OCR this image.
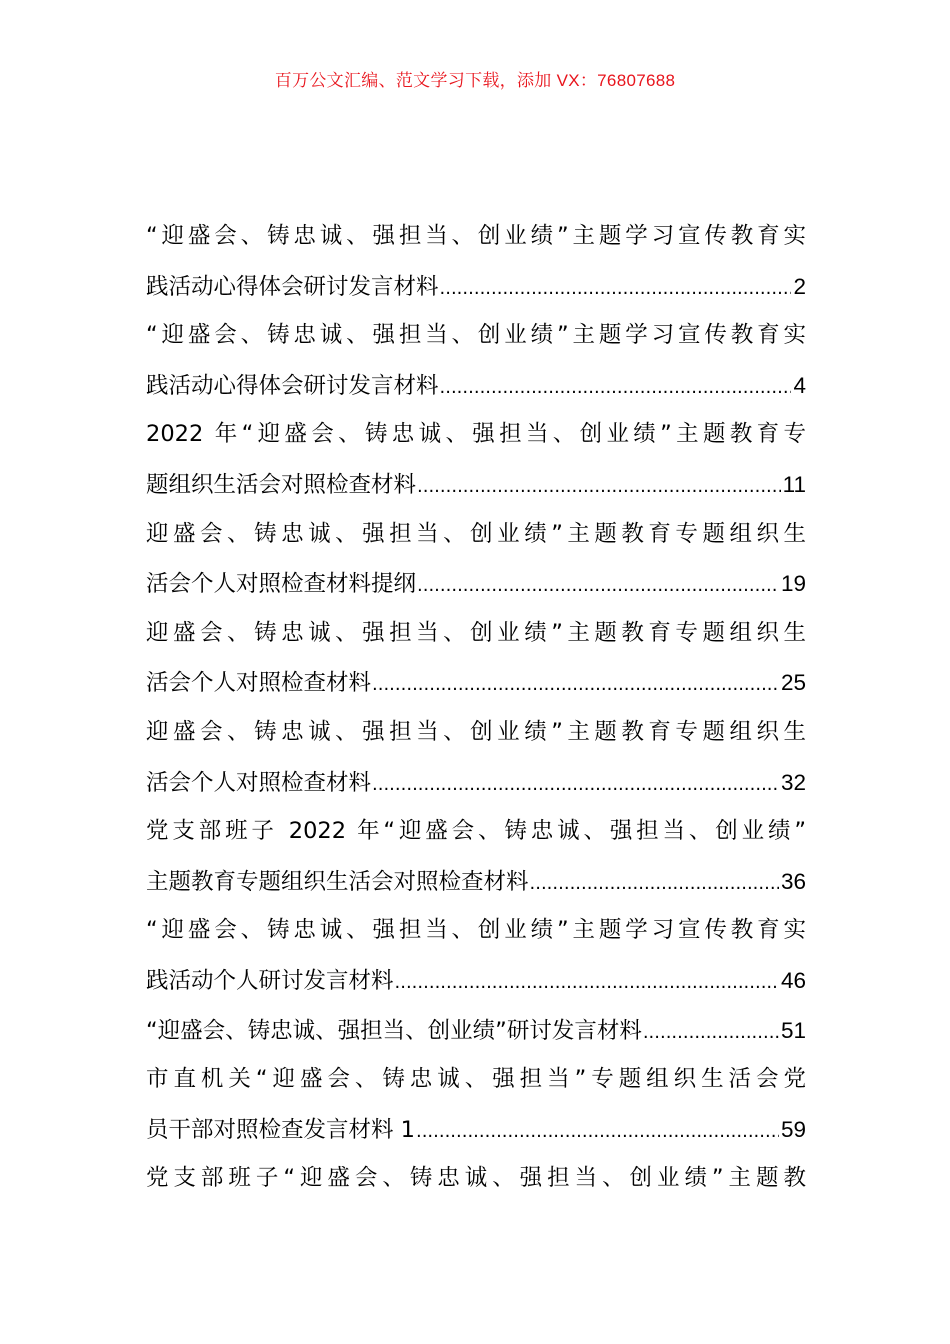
百万公文汇编、范文学习下载，添加 VX：76807688
“迎盛会、铸忠诚、强担当、创业绩”主题学习宣传教育实
践活动心得体会研讨发言材料 .....	2
“迎盛会、铸忠诚、强担当、创业绩”主题学习宣传教育实
践活动心得体会研讨发言材料 .....	4
2022 年“迎盛会、铸忠诚、强担当、创业绩”主题教育专
题组织生活会对照检查材料 .....	11
迎盛会、铸忠诚、强担当、创业绩”主题教育专题组织生
活会个人对照检查材料提纲 .....	19
迎盛会、铸忠诚、强担当、创业绩”主题教育专题组织生
活会个人对照检查材料 .....	25
迎盛会、铸忠诚、强担当、创业绩”主题教育专题组织生
活会个人对照检查材料 .....	32
党支部班子 2022 年“迎盛会、铸忠诚、强担当、创业绩”
主题教育专题组织生活会对照检查材料 .....	36
“迎盛会、铸忠诚、强担当、创业绩”主题学习宣传教育实
践活动个人研讨发言材料 .....	46
“迎盛会、铸忠诚、强担当、创业绩”研讨发言材料 .....	51
市直机关“迎盛会、铸忠诚、强担当”专题组织生活会党
员干部对照检查发言材料 1 .....	59
党支部班子“迎盛会、铸忠诚、强担当、创业绩”主题教
